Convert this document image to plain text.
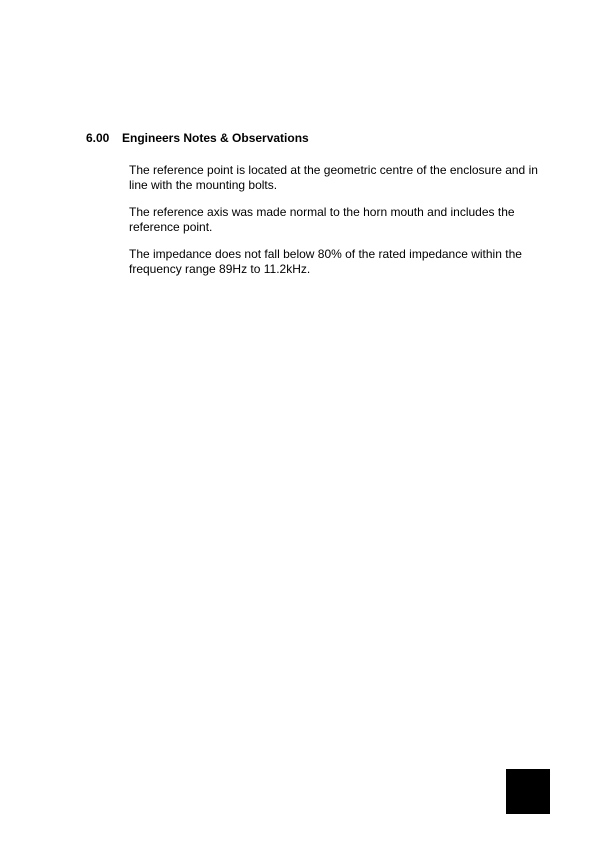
6.00 Engineers Notes & Observations

The reference point is located at the geometric centre of the enclosure and in
line with the mounting bolts.

The reference axis was made normal to the horn mouth and includes the
reference point.

The impedance does not fall below 80% of the rated impedance within the
frequency range 89Hz to 11.2kHz.
